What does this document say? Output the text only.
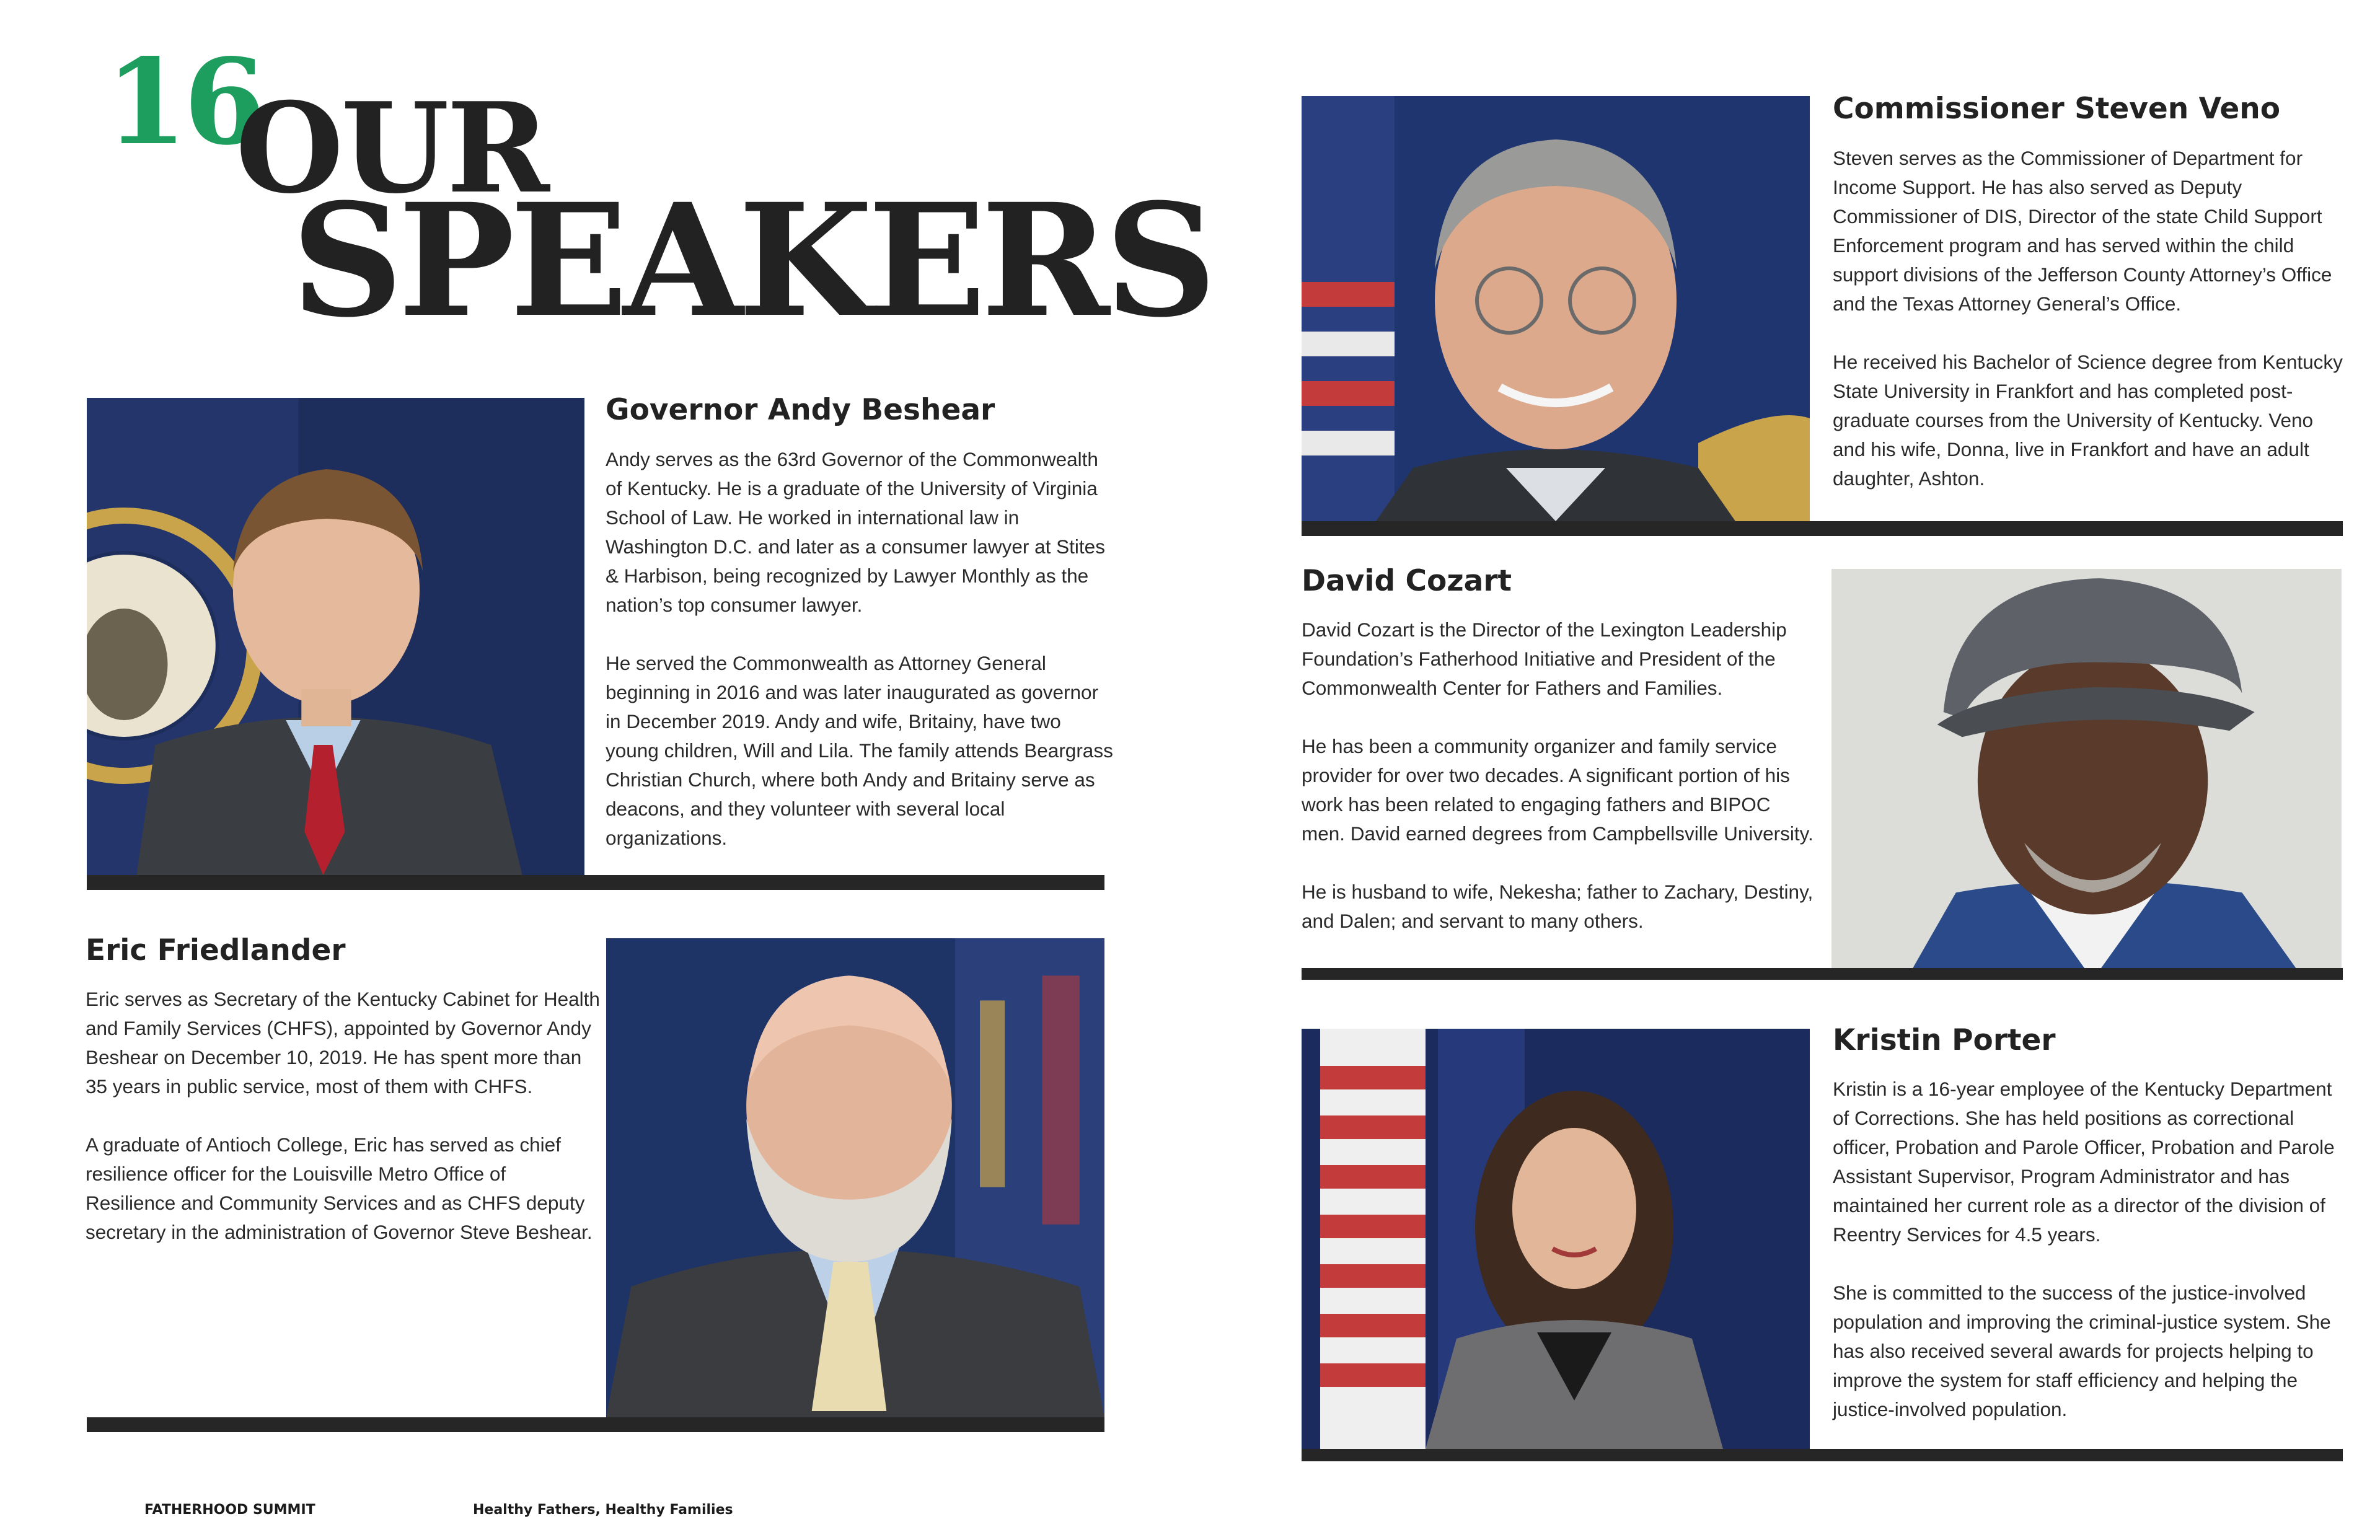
16
OUR
SPEAKERS
Governor Andy Beshear

Andy serves as the 63rd Governor of the Commonwealth of Kentucky. He is a graduate of the University of Virginia School of Law. He worked in international law in Washington D.C. and later as a consumer lawyer at Stites & Harbison, being recognized by Lawyer Monthly as the nation’s top consumer lawyer.

He served the Commonwealth as Attorney General beginning in 2016 and was later inaugurated as governor in December 2019. Andy and wife, Britainy, have two young children, Will and Lila. The family attends Beargrass Christian Church, where both Andy and Britainy serve as deacons, and they volunteer with several local organizations.

Eric Friedlander

Eric serves as Secretary of the Kentucky Cabinet for Health and Family Services (CHFS), appointed by Governor Andy Beshear on December 10, 2019. He has spent more than 35 years in public service, most of them with CHFS.

A graduate of Antioch College, Eric has served as chief resilience officer for the Louisville Metro Office of Resilience and Community Services and as CHFS deputy secretary in the administration of Governor Steve Beshear.

Commissioner Steven Veno

Steven serves as the Commissioner of Department for Income Support. He has also served as Deputy Commissioner of DIS, Director of the state Child Support Enforcement program and has served within the child support divisions of the Jefferson County Attorney’s Office and the Texas Attorney General’s Office.

He received his Bachelor of Science degree from Kentucky State University in Frankfort and has completed post-graduate courses from the University of Kentucky. Veno and his wife, Donna, live in Frankfort and have an adult daughter, Ashton.

David Cozart

David Cozart is the Director of the Lexington Leadership Foundation’s Fatherhood Initiative and President of the Commonwealth Center for Fathers and Families.

He has been a community organizer and family service provider for over two decades. A significant portion of his work has been related to engaging fathers and BIPOC men. David earned degrees from Campbellsville University.

He is husband to wife, Nekesha; father to Zachary, Destiny, and Dalen; and servant to many others.

Kristin Porter

Kristin is a 16-year employee of the Kentucky Department of Corrections. She has held positions as correctional officer, Probation and Parole Officer, Probation and Parole Assistant Supervisor, Program Administrator and has maintained her current role as a director of the division of Reentry Services for 4.5 years.

She is committed to the success of the justice-involved population and improving the criminal-justice system. She has also received several awards for projects helping to improve the system for staff efficiency and helping the justice-involved population.

FATHERHOOD SUMMIT	Healthy Fathers, Healthy Families
